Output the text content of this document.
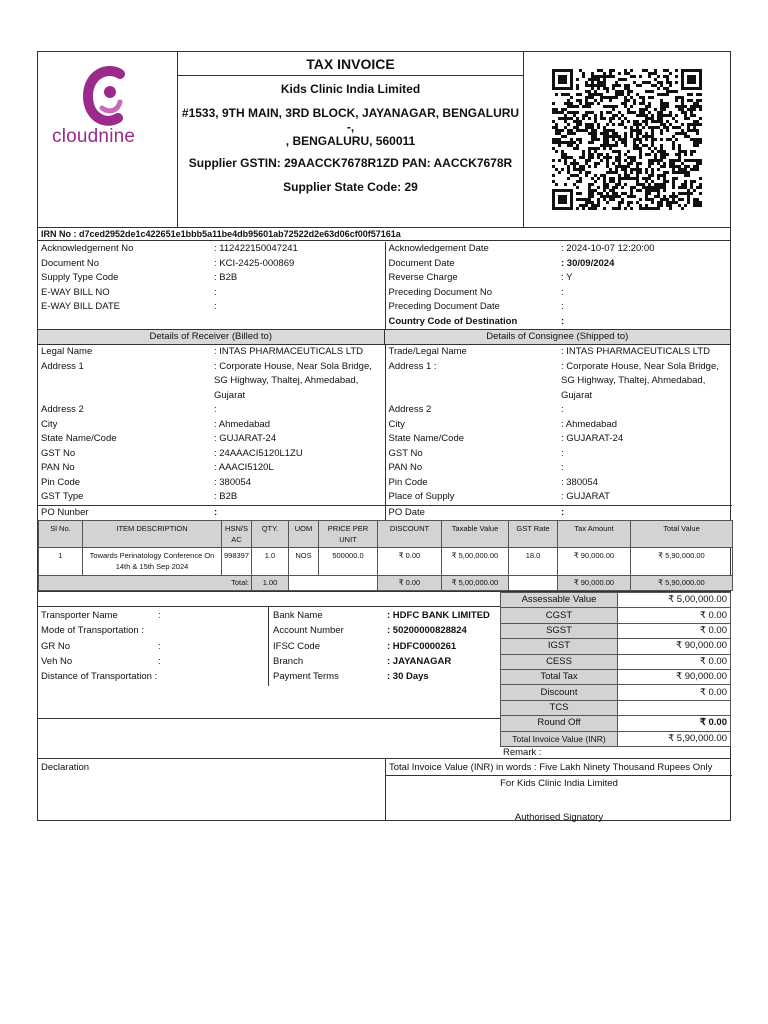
cloudnine
TAX INVOICE
Kids Clinic India Limited
#1533, 9TH MAIN, 3RD BLOCK, JAYANAGAR, BENGALURU -,
, BENGALURU, 560011
Supplier GSTIN: 29AACCK7678R1ZD PAN: AACCK7678R
Supplier State Code: 29
IRN No : d7ced2952de1c422651e1bbb5a11be4db95601ab72522d2e63d06cf00f57161a
Acknowledgement No	: 112422150047241	Acknowledgement Date	: 2024-10-07 12:20:00
Document No	: KCI-2425-000869	Document Date	: 30/09/2024
Supply Type Code	: B2B	Reverse Charge	: Y
E-WAY BILL NO	:	Preceding Document No	:
E-WAY BILL DATE	:	Preceding Document Date	:
		Country Code of Destination	:
Details of Receiver (Billed to)	Details of Consignee (Shipped to)
Legal Name	: INTAS PHARMACEUTICALS LTD	Trade/Legal Name	: INTAS PHARMACEUTICALS LTD
Address 1	: Corporate House, Near Sola Bridge, SG Highway, Thaltej, Ahmedabad, Gujarat	Address 1 :	: Corporate House, Near Sola Bridge, SG Highway, Thaltej, Ahmedabad, Gujarat
Address 2	:	Address 2	:
City	: Ahmedabad	City	: Ahmedabad
State Name/Code	: GUJARAT-24	State Name/Code	: GUJARAT-24
GST No	: 24AAACI5120L1ZU	GST No	:
PAN No	: AAACI5120L	PAN No	:
Pin Code	: 380054	Pin Code	: 380054
GST Type	: B2B	Place of Supply	: GUJARAT
PO Nunber	:	PO Date	:
Sl No.	ITEM DESCRIPTION	HSN/S AC	QTY.	UOM	PRICE PER UNIT	DISCOUNT	Taxable Value	GST Rate	Tax Amount	Total Value
1	Towards Perinatology Conference On 14th & 15th Sep 2024	998397	1.0	NOS	500000.0	₹ 0.00	₹ 5,00,000.00	18.0	₹ 90,000.00	₹ 5,90,000.00
Total:			1.00			₹ 0.00	₹ 5,00,000.00		₹ 90,000.00	₹ 5,90,000.00
Transporter Name	:
Mode of Transportation :	
GR No	:
Veh No	:
Distance of Transportation :	
Bank Name	: HDFC BANK LIMITED
Account Number	: 50200000828824
IFSC Code	: HDFC0000261
Branch	: JAYANAGAR
Payment Terms	: 30 Days
Assessable Value	₹ 5,00,000.00
CGST	₹ 0.00
SGST	₹ 0.00
IGST	₹ 90,000.00
CESS	₹ 0.00
Total Tax	₹ 90,000.00
Discount	₹ 0.00
TCS	
Round Off	₹ 0.00
Total Invoice Value (INR)	₹ 5,90,000.00
Remark :
Declaration	Total Invoice Value (INR) in words : Five Lakh Ninety Thousand Rupees Only
For Kids Clinic India Limited
Authorised Signatory
